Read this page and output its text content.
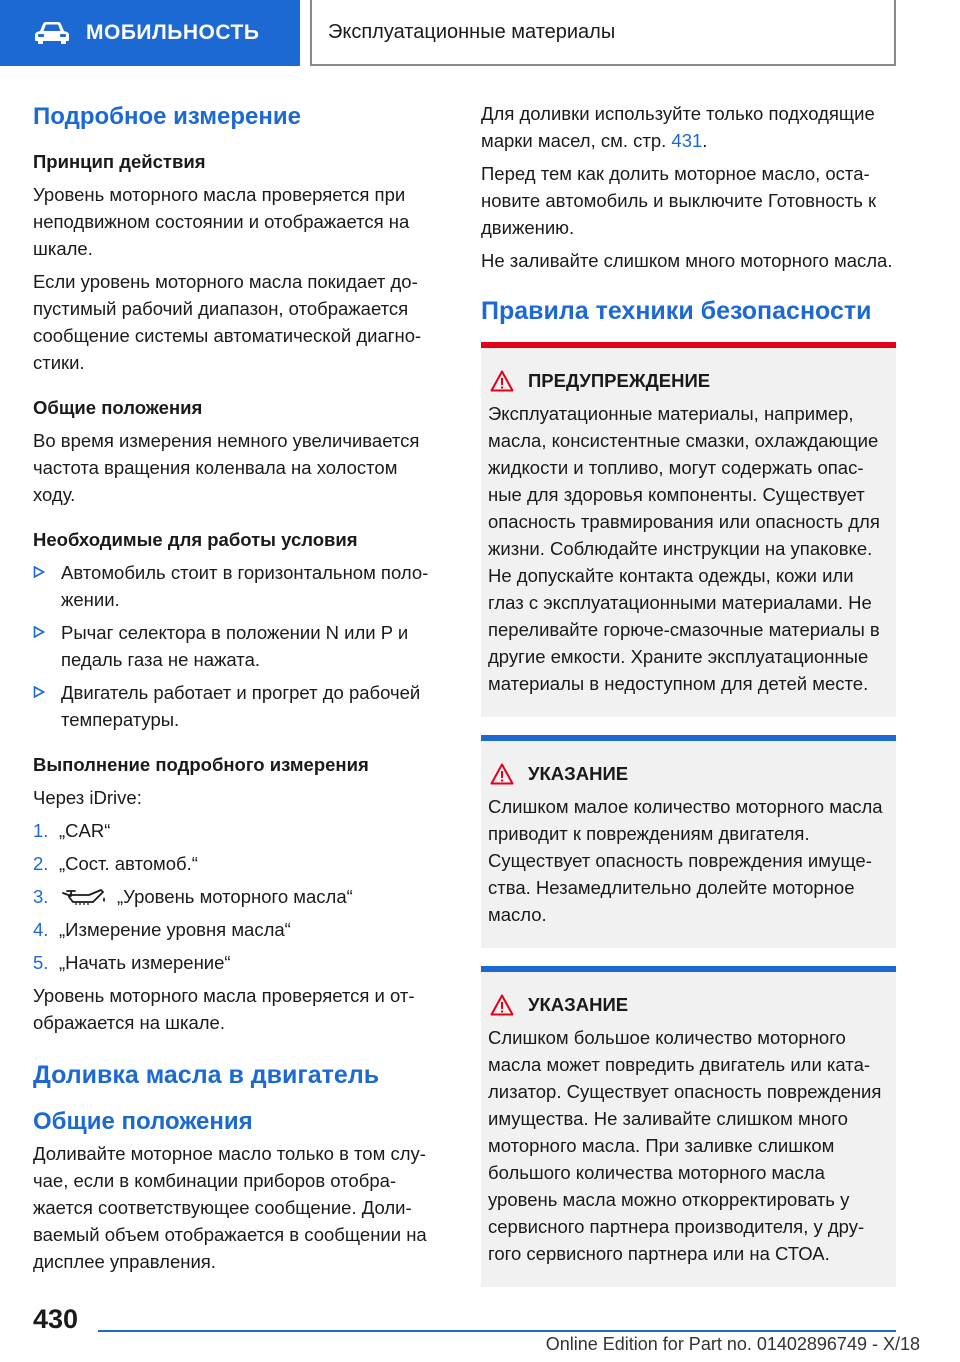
МОБИЛЬНОСТЬ	Эксплуатационные материалы
Подробное измерение
Принцип действия

Уровень моторного масла проверяется при неподвижном состоянии и отображается на шкале.

Если уровень моторного масла покидает допустимый рабочий диапазон, отображается сообщение системы автоматической диагностики.

Общие положения

Во время измерения немного увеличивается частота вращения коленвала на холостом ходу.

Необходимые для работы условия
Автомобиль стоит в горизонтальном положении.
Рычаг селектора в положении N или P и педаль газа не нажата.
Двигатель работает и прогрет до рабочей температуры.
Выполнение подробного измерения

Через iDrive:

1. „CAR“
2. „Сост. автомоб.“
3.	„Уровень моторного масла“
4. „Измерение уровня масла“
5. „Начать измерение“

Уровень моторного масла проверяется и отображается на шкале.

Доливка масла в двигатель
Общие положения

Доливайте моторное масло только в том случае, если в комбинации приборов отображается соответствующее сообщение. Доливаемый объем отображается в сообщении на дисплее управления.

Для доливки используйте только подходящие марки масел, см. стр. 431.

Перед тем как долить моторное масло, остановите автомобиль и выключите Готовность к движению.

Не заливайте слишком много моторного масла.

Правила техники безопасности
ПРЕДУПРЕЖДЕНИЕ

Эксплуатационные материалы, например, масла, консистентные смазки, охлаждающие жидкости и топливо, могут содержать опасные для здоровья компоненты. Существует опасность травмирования или опасность для жизни. Соблюдайте инструкции на упаковке. Не допускайте контакта одежды, кожи или глаз с эксплуатационными материалами. Не переливайте горюче-смазочные материалы в другие емкости. Храните эксплуатационные материалы в недоступном для детей месте.

УКАЗАНИЕ

Слишком малое количество моторного масла приводит к повреждениям двигателя. Существует опасность повреждения имущества. Незамедлительно долейте моторное масло.

УКАЗАНИЕ

Слишком большое количество моторного масла может повредить двигатель или катализатор. Существует опасность повреждения имущества. Не заливайте слишком много моторного масла. При заливке слишком большого количества моторного масла уровень масла можно откорректировать у сервисного партнера производителя, у другого сервисного партнера или на СТОА.

430
Online Edition for Part no. 01402896749 - X/18
